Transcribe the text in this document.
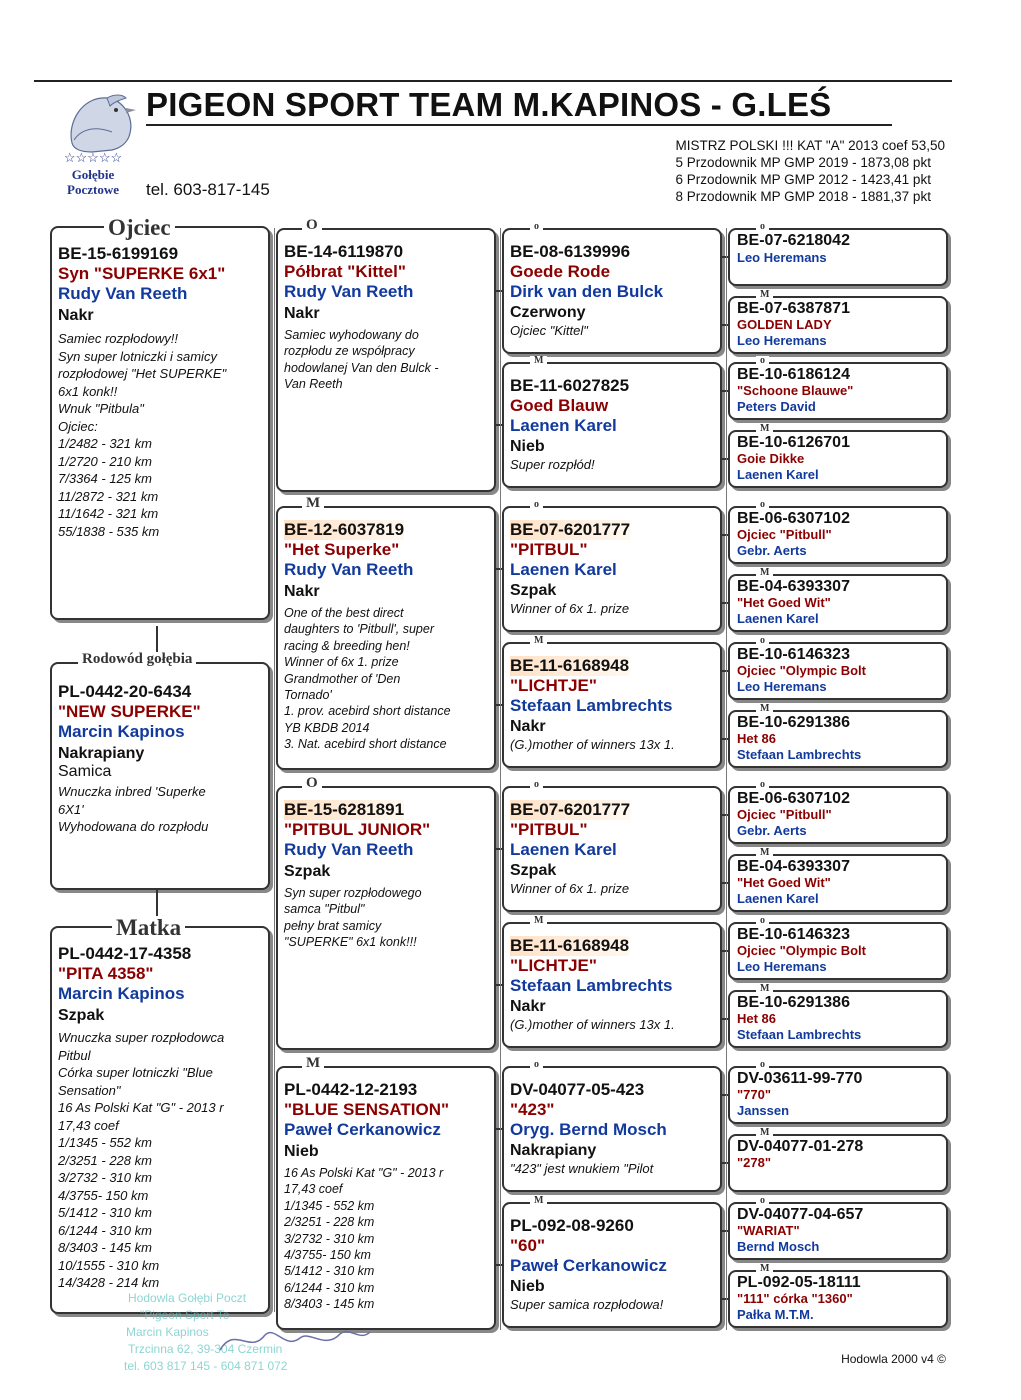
☆☆☆☆☆
Gołębie
Pocztowe
PIGEON SPORT TEAM M.KAPINOS - G.LEŚ
tel. 603-817-145
MISTRZ POLSKI !!! KAT "A" 2013 coef 53,50
5 Przodownik MP GMP 2019 - 1873,08 pkt
6 Przodownik MP GMP 2012 - 1423,41 pkt
8 Przodownik MP GMP 2018 - 1881,37 pkt
BE-15-6199169
Syn "SUPERKE 6x1"
Rudy Van Reeth
Nakr
Samiec rozpłodowy!!
Syn super lotniczki i samicy
rozpłodowej "Het SUPERKE"
6x1 konk!!
Wnuk "Pitbula"
Ojciec:
1/2482 - 321 km
1/2720 - 210 km
7/3364 - 125 km
11/2872 - 321 km
11/1642 - 321 km
55/1838 - 535 km
Ojciec
PL-0442-20-6434
"NEW SUPERKE"
Marcin Kapinos
Nakrapiany
Samica
Wnuczka inbred 'Superke
6X1'
Wyhodowana do rozpłodu
Rodowód gołębia
PL-0442-17-4358
"PITA 4358"
Marcin Kapinos
Szpak
Wnuczka super rozpłodowca
Pitbul
Córka super lotniczki "Blue
Sensation"
16 As Polski Kat "G" - 2013 r
17,43 coef
1/1345 - 552 km
2/3251 - 228 km
3/2732 - 310 km
4/3755- 150 km
5/1412 - 310 km
6/1244 - 310 km
8/3403 - 145 km
10/1555 - 310 km
14/3428 - 214 km
Matka
BE-14-6119870
Półbrat "Kittel"
Rudy Van Reeth
Nakr
Samiec wyhodowany do
rozpłodu ze współpracy
hodowlanej Van den Bulck -
Van Reeth
O
BE-12-6037819
"Het Superke"
Rudy Van Reeth
Nakr
One of the best direct
daughters to 'Pitbull', super
racing & breeding hen!
Winner of 6x 1. prize
Grandmother of 'Den
Tornado'
1. prov. acebird short distance
YB KBDB 2014
3. Nat. acebird short distance
M
BE-15-6281891
"PITBUL JUNIOR"
Rudy Van Reeth
Szpak
Syn super rozpłodowego
samca "Pitbul"
pełny brat samicy
"SUPERKE" 6x1 konk!!!
O
PL-0442-12-2193
"BLUE SENSATION"
Paweł Cerkanowicz
Nieb
16 As Polski Kat "G" - 2013 r
17,43 coef
1/1345 - 552 km
2/3251 - 228 km
3/2732 - 310 km
4/3755- 150 km
5/1412 - 310 km
6/1244 - 310 km
8/3403 - 145 km
M
BE-08-6139996
Goede Rode
Dirk van den Bulck
Czerwony
Ojciec "Kittel"
o
BE-11-6027825
Goed Blauw
Laenen Karel
Nieb
Super rozpłód!
M
BE-07-6201777
"PITBUL"
Laenen Karel
Szpak
Winner of 6x 1. prize
o
BE-11-6168948
"LICHTJE"
Stefaan Lambrechts
Nakr
(G.)mother of winners 13x 1.
M
BE-07-6201777
"PITBUL"
Laenen Karel
Szpak
Winner of 6x 1. prize
o
BE-11-6168948
"LICHTJE"
Stefaan Lambrechts
Nakr
(G.)mother of winners 13x 1.
M
DV-04077-05-423
"423"
Oryg. Bernd Mosch
Nakrapiany
"423" jest wnukiem "Pilot
o
PL-092-08-9260
"60"
Paweł Cerkanowicz
Nieb
Super samica rozpłodowa!
M
BE-07-6218042
Leo Heremans
o
BE-07-6387871
GOLDEN LADY
Leo Heremans
M
BE-10-6186124
"Schoone Blauwe"
Peters David
o
BE-10-6126701
Goie Dikke
Laenen Karel
M
BE-06-6307102
Ojciec "Pitbull"
Gebr. Aerts
o
BE-04-6393307
"Het Goed Wit"
Laenen Karel
M
BE-10-6146323
Ojciec "Olympic Bolt
Leo Heremans
o
BE-10-6291386
Het 86
Stefaan Lambrechts
M
BE-06-6307102
Ojciec "Pitbull"
Gebr. Aerts
o
BE-04-6393307
"Het Goed Wit"
Laenen Karel
M
BE-10-6146323
Ojciec "Olympic Bolt
Leo Heremans
o
BE-10-6291386
Het 86
Stefaan Lambrechts
M
DV-03611-99-770
"770"
Janssen
o
DV-04077-01-278
"278"
M
DV-04077-04-657
"WARIAT"
Bernd Mosch
o
PL-092-05-18111
"111" córka "1360"
Pałka M.T.M.
M
Hodowla Gołębi Poczt
"Pigeon Sport Te
Marcin Kapinos
Trzcinna 62, 39-304 Czermin
tel. 603 817 145 - 604 871 072	Hodowla 2000 v4 ©
